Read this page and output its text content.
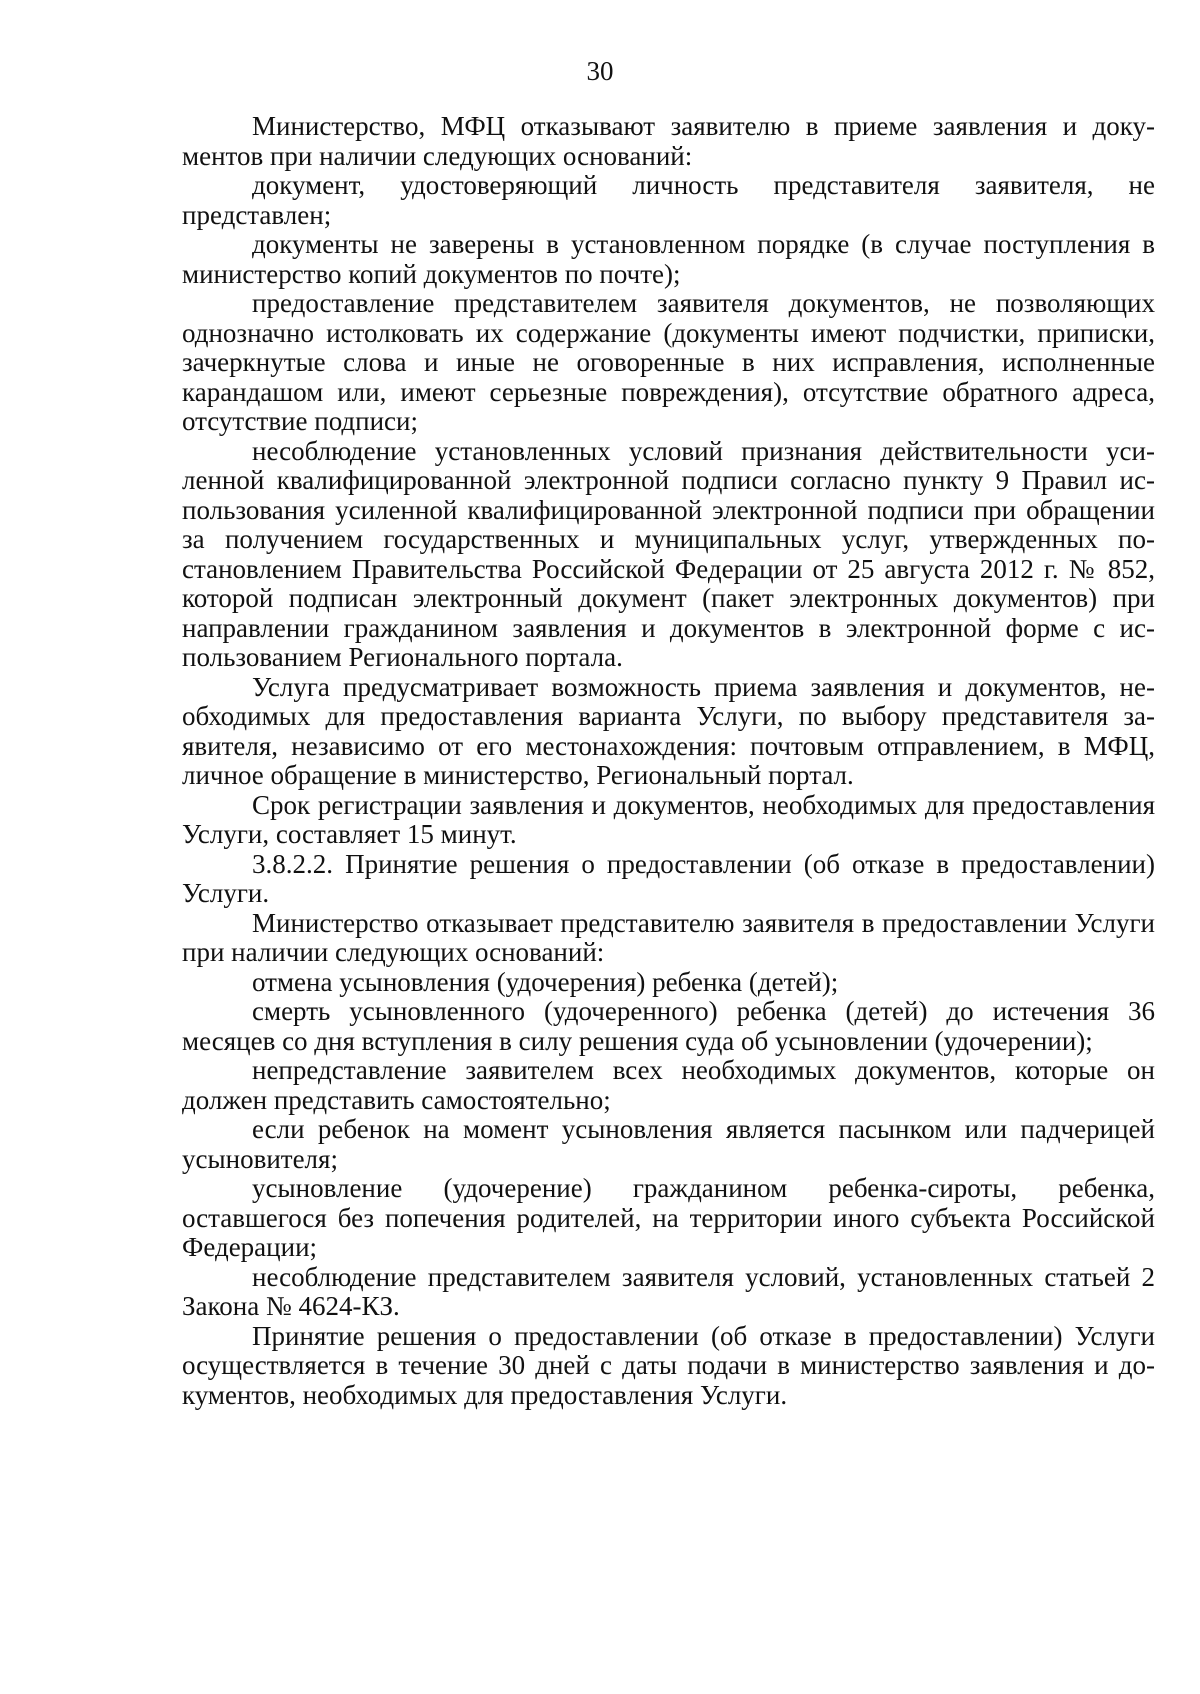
30

Министерство, МФЦ отказывают заявителю в приеме заявления и документов при наличии следующих оснований:

документ, удостоверяющий личность представителя заявителя, не представлен;

документы не заверены в установленном порядке (в случае поступления в министерство копий документов по почте);

предоставление представителем заявителя документов, не позволяющих однозначно истолковать их содержание (документы имеют подчистки, приписки, зачеркнутые слова и иные не оговоренные в них исправления, исполненные карандашом или, имеют серьезные повреждения), отсутствие обратного адреса, отсутствие подписи;

несоблюдение установленных условий признания действительности усиленной квалифицированной электронной подписи согласно пункту 9 Правил использования усиленной квалифицированной электронной подписи при обращении за получением государственных и муниципальных услуг, утвержденных постановлением Правительства Российской Федерации от 25 августа 2012 г. № 852, которой подписан электронный документ (пакет электронных документов) при направлении гражданином заявления и документов в электронной форме с использованием Регионального портала.

Услуга предусматривает возможность приема заявления и документов, необходимых для предоставления варианта Услуги, по выбору представителя заявителя, независимо от его местонахождения: почтовым отправлением, в МФЦ, личное обращение в министерство, Региональный портал.

Срок регистрации заявления и документов, необходимых для предоставления Услуги, составляет 15 минут.

3.8.2.2. Принятие решения о предоставлении (об отказе в предоставлении) Услуги.

Министерство отказывает представителю заявителя в предоставлении Услуги при наличии следующих оснований:

отмена усыновления (удочерения) ребенка (детей);

смерть усыновленного (удочеренного) ребенка (детей) до истечения 36 месяцев со дня вступления в силу решения суда об усыновлении (удочерении);

непредставление заявителем всех необходимых документов, которые он должен представить самостоятельно;

если ребенок на момент усыновления является пасынком или падчерицей усыновителя;

усыновление (удочерение) гражданином ребенка-сироты, ребенка, оставшегося без попечения родителей, на территории иного субъекта Российской Федерации;

несоблюдение представителем заявителя условий, установленных статьей 2 Закона № 4624-КЗ.

Принятие решения о предоставлении (об отказе в предоставлении) Услуги осуществляется в течение 30 дней с даты подачи в министерство заявления и документов, необходимых для предоставления Услуги.
